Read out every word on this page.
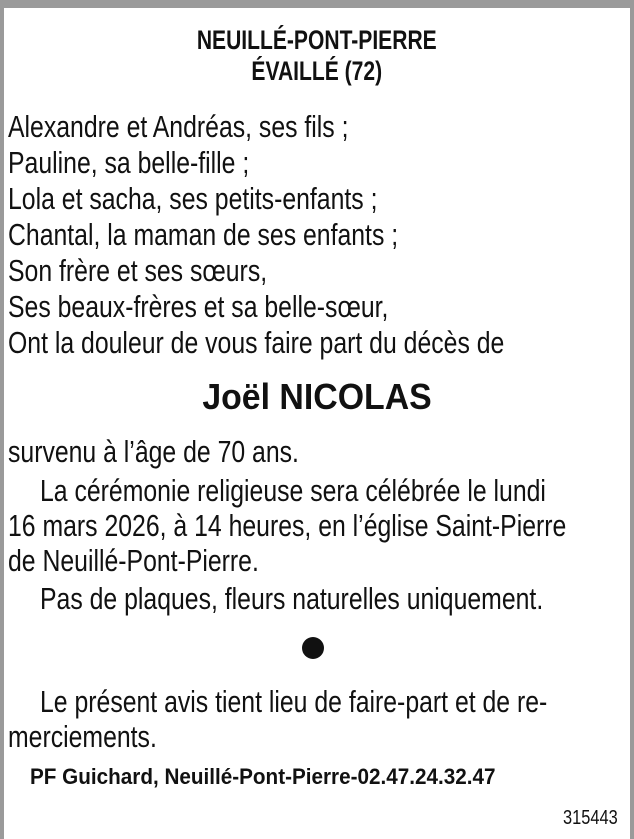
NEUILLÉ-PONT-PIERRE
ÉVAILLÉ (72)
Alexandre et Andréas, ses fils ;
Pauline, sa belle-fille ;
Lola et sacha, ses petits-enfants ;
Chantal, la maman de ses enfants ;
Son frère et ses sœurs,
Ses beaux-frères et sa belle-sœur,
Ont la douleur de vous faire part du décès de
Joël NICOLAS
survenu à l’âge de 70 ans.
La cérémonie religieuse sera célébrée le lundi
16 mars 2026, à 14 heures, en l’église Saint-Pierre
de Neuillé-Pont-Pierre.
Pas de plaques, fleurs naturelles uniquement.
Le présent avis tient lieu de faire-part et de re-
merciements.
PF Guichard, Neuillé-Pont-Pierre-02.47.24.32.47
315443
